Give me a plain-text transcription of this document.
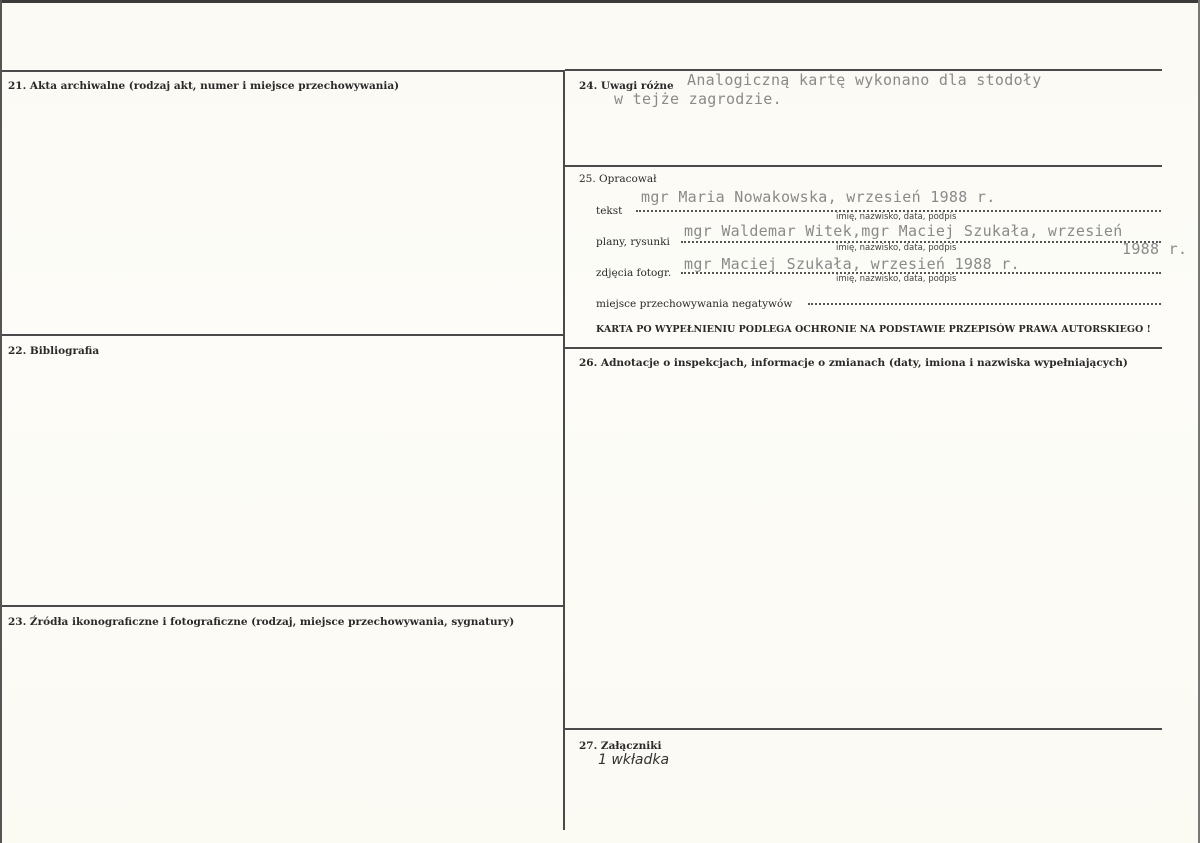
21. Akta archiwalne (rodzaj akt, numer i miejsce przechowywania)
22. Bibliografia
23. Źródła ikonograficzne i fotograficzne (rodzaj, miejsce przechowywania, sygnatury)
24. Uwagi różne Analogiczną kartę wykonano dla stodoły
w tejże zagrodzie.
25. Opracował
tekst
mgr Maria Nowakowska, wrzesień 1988 r.
imię, nazwisko, data, podpis
plany, rysunki
mgr Waldemar Witek,mgr Maciej Szukała, wrzesień
1988 r.
imię, nazwisko, data, podpis
zdjęcia fotogr. mgr Maciej Szukała, wrzesień 1988 r.
imię, nazwisko, data, podpis
miejsce przechowywania negatywów
KARTA PO WYPEŁNIENIU PODLEGA OCHRONIE NA PODSTAWIE PRZEPISÓW PRAWA AUTORSKIEGO !
26. Adnotacje o inspekcjach, informacje o zmianach (daty, imiona i nazwiska wypełniających)
27. Załączniki
1 wkładka
